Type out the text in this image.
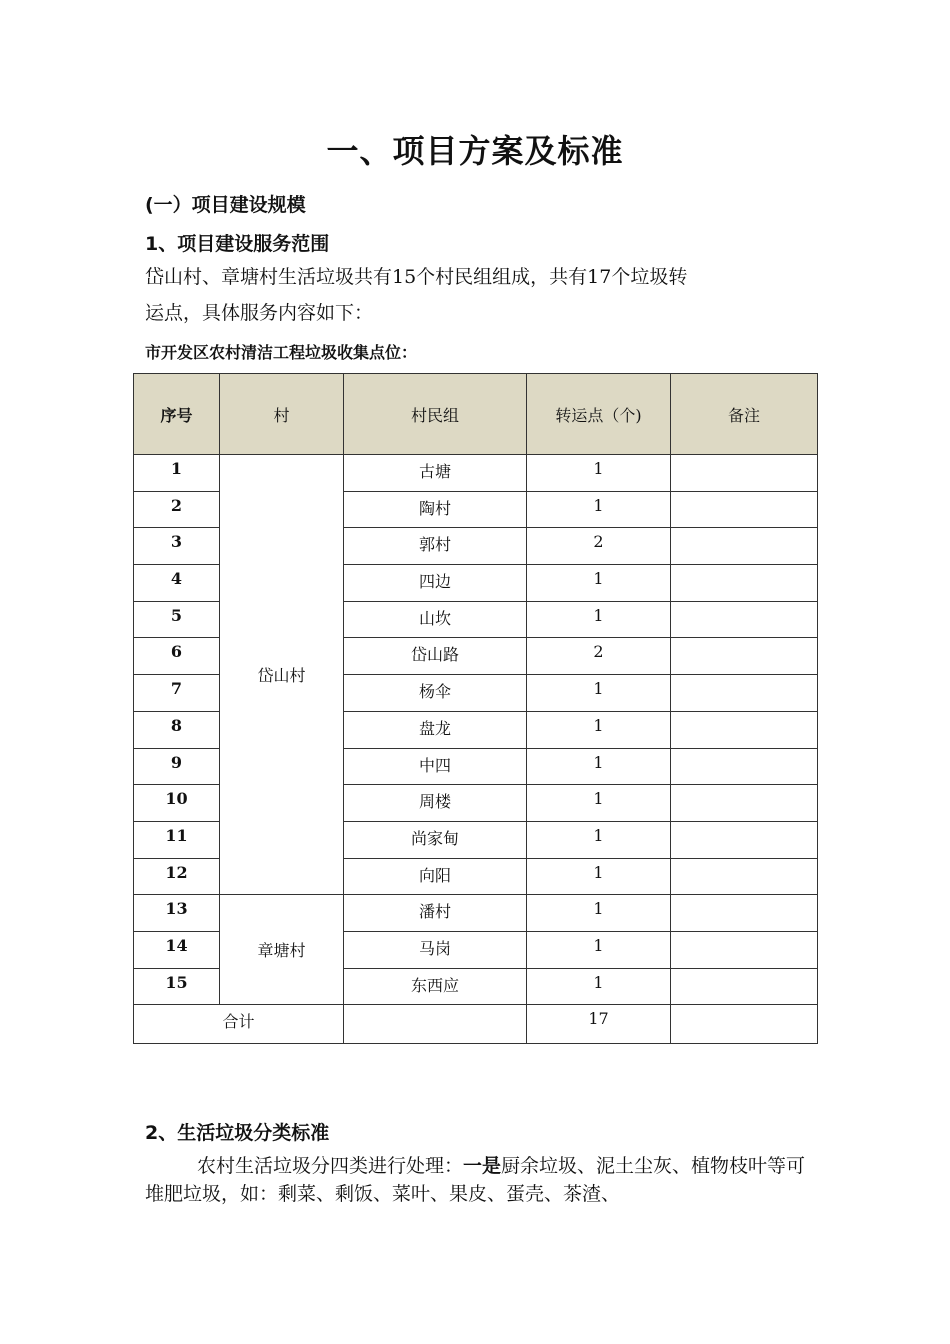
一、项目方案及标准
(一）项目建设规模
1、项目建设服务范围
岱山村、章塘村生活垃圾共有15个村民组组成，共有17个垃圾转
运点，具体服务内容如下：
市开发区农村清洁工程垃圾收集点位：
序号	村	村民组	转运点（个)	备注
1	岱山村	古塘	1	
2		陶村	1	
3		郭村	2	
4		四边	1	
5		山坎	1	
6		岱山路	2	
7		杨伞	1	
8		盘龙	1	
9		中四	1	
10		周楼	1	
11		尚家甸	1	
12		向阳	1	
13	章塘村	潘村	1	
14		马岗	1	
15		东西应	1	
合计			17	
2、生活垃圾分类标准
农村生活垃圾分四类进行处理：一是厨余垃圾、泥土尘灰、植物枝叶等可堆肥垃圾，如：剩菜、剩饭、菜叶、果皮、蛋壳、茶渣、
